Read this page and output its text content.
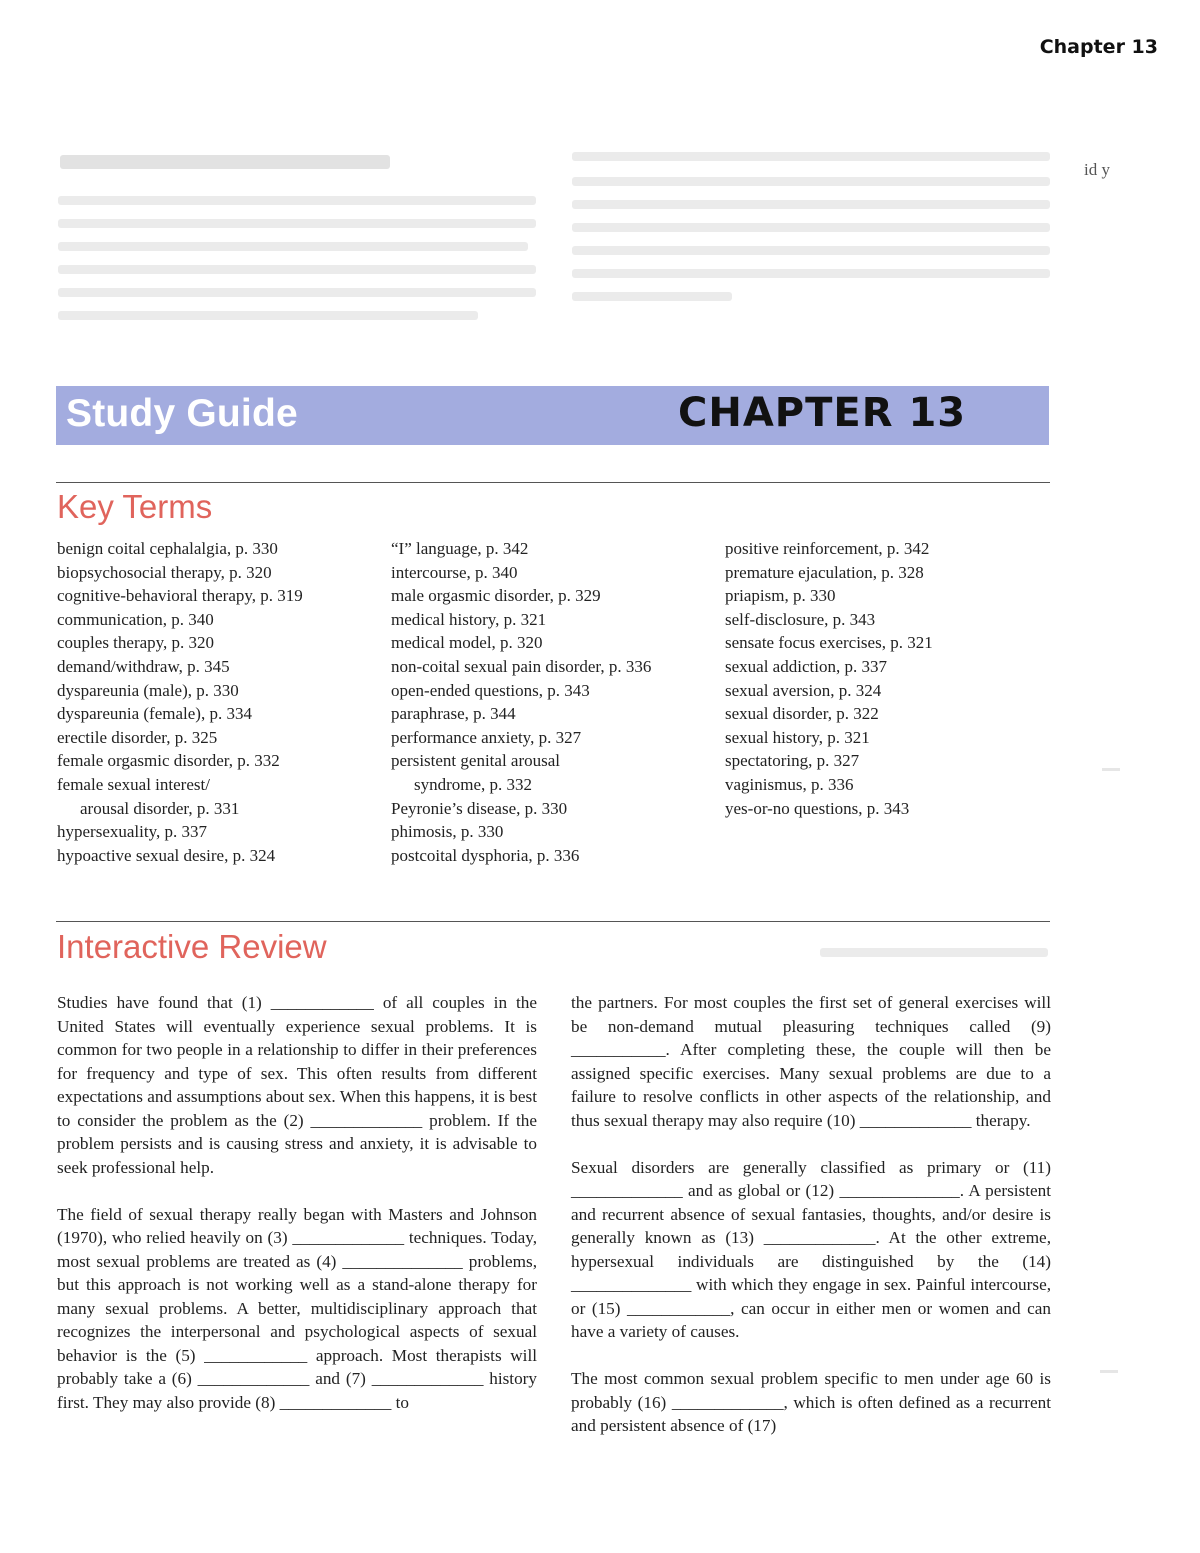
Chapter 13
id y
Study Guide	CHAPTER 13
Key Terms
benign coital cephalalgia, p. 330
biopsychosocial therapy, p. 320
cognitive-behavioral therapy, p. 319
communication, p. 340
couples therapy, p. 320
demand/withdraw, p. 345
dyspareunia (male), p. 330
dyspareunia (female), p. 334
erectile disorder, p. 325
female orgasmic disorder, p. 332
female sexual interest/
arousal disorder, p. 331
hypersexuality, p. 337
hypoactive sexual desire, p. 324
“I” language, p. 342
intercourse, p. 340
male orgasmic disorder, p. 329
medical history, p. 321
medical model, p. 320
non-coital sexual pain disorder, p. 336
open-ended questions, p. 343
paraphrase, p. 344
performance anxiety, p. 327
persistent genital arousal
syndrome, p. 332
Peyronie’s disease, p. 330
phimosis, p. 330
postcoital dysphoria, p. 336
positive reinforcement, p. 342
premature ejaculation, p. 328
priapism, p. 330
self-disclosure, p. 343
sensate focus exercises, p. 321
sexual addiction, p. 337
sexual aversion, p. 324
sexual disorder, p. 322
sexual history, p. 321
spectatoring, p. 327
vaginismus, p. 336
yes-or-no questions, p. 343
Interactive Review

Studies have found that (1) ____________ of all couples in the United States will eventually experience sexual problems. It is common for two people in a relationship to differ in their preferences for frequency and type of sex. This often results from different expectations and assumptions about sex. When this happens, it is best to consider the problem as the (2) _____________ problem. If the problem persists and is causing stress and anxiety, it is advisable to seek professional help.

The field of sexual therapy really began with Masters and Johnson (1970), who relied heavily on (3) _____________ techniques. Today, most sexual problems are treated as (4) ______________ problems, but this approach is not working well as a stand-alone therapy for many sexual problems. A better, multidisciplinary approach that recognizes the interpersonal and psychological aspects of sexual behavior is the (5) ____________ approach. Most therapists will probably take a (6) _____________ and (7) _____________ history first. They may also provide (8) _____________ to

the partners. For most couples the first set of general exercises will be non-demand mutual pleasuring techniques called (9) ___________. After completing these, the couple will then be assigned specific exercises. Many sexual problems are due to a failure to resolve conflicts in other aspects of the relationship, and thus sexual therapy may also require (10) _____________ therapy.

Sexual disorders are generally classified as primary or (11) _____________ and as global or (12) ______________. A persistent and recurrent absence of sexual fantasies, thoughts, and/or desire is generally known as (13) _____________. At the other extreme, hypersexual individuals are distinguished by the (14) ______________ with which they engage in sex. Painful intercourse, or (15) ____________, can occur in either men or women and can have a variety of causes.

The most common sexual problem specific to men under age 60 is probably (16) _____________, which is often defined as a recurrent and persistent absence of (17)
